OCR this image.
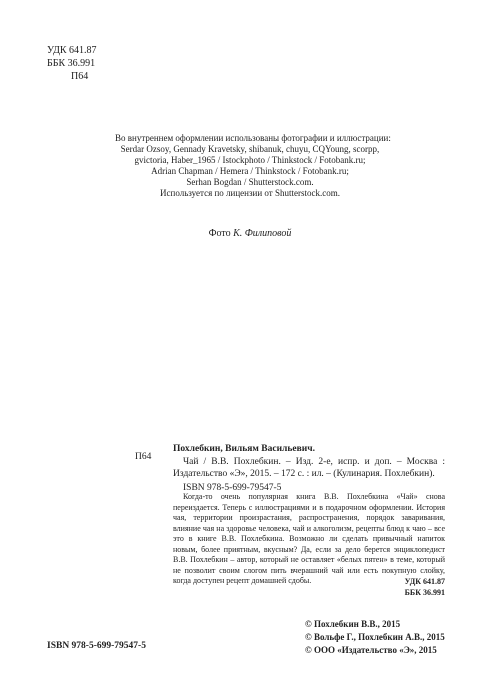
УДК 641.87
ББК 36.991
П64
Во внутреннем оформлении использованы фотографии и иллюстрации:
Serdar Ozsoy, Gennady Kravetsky, shibanuk, chuyu, CQYoung, scorpp,
gvictoria, Haber_1965 / Istockphoto / Thinkstock / Fotobank.ru;
Adrian Chapman / Hemera / Thinkstock / Fotobank.ru;
Serhan Bogdan / Shutterstock.com.
Используется по лицензии от Shutterstock.com.
Фото К. Филиповой
П64
Похлебкин, Вильям Васильевич.
Чай / В.В. Похлебкин. – Изд. 2-е, испр. и доп. – Москва : Издательство «Э», 2015. – 172 с. : ил. – (Кулинария. Похлебкин).
ISBN 978-5-699-79547-5
Когда-то очень популярная книга В.В. Похлебкина «Чай» снова переиздается. Теперь с иллюстрациями и в подарочном оформлении. История чая, территории произрастания, распространения, порядок заваривания, влияние чая на здоровье человека, чай и алкоголизм, рецепты блюд к чаю – все это в книге В.В. Похлебкина. Возможно ли сделать привычный напиток новым, более приятным, вкусным? Да, если за дело берется энциклопедист В.В. Похлебкин – автор, который не оставляет «белых пятен» в теме, который не позволит своим слогом пить вчерашний чай или есть покупную слойку, когда доступен рецепт домашней сдобы.	УДК 641.87
ББК 36.991
ISBN 978-5-699-79547-5
© Похлебкин В.В., 2015
© Вольфе Г., Похлебкин А.В., 2015
© ООО «Издательство «Э», 2015
